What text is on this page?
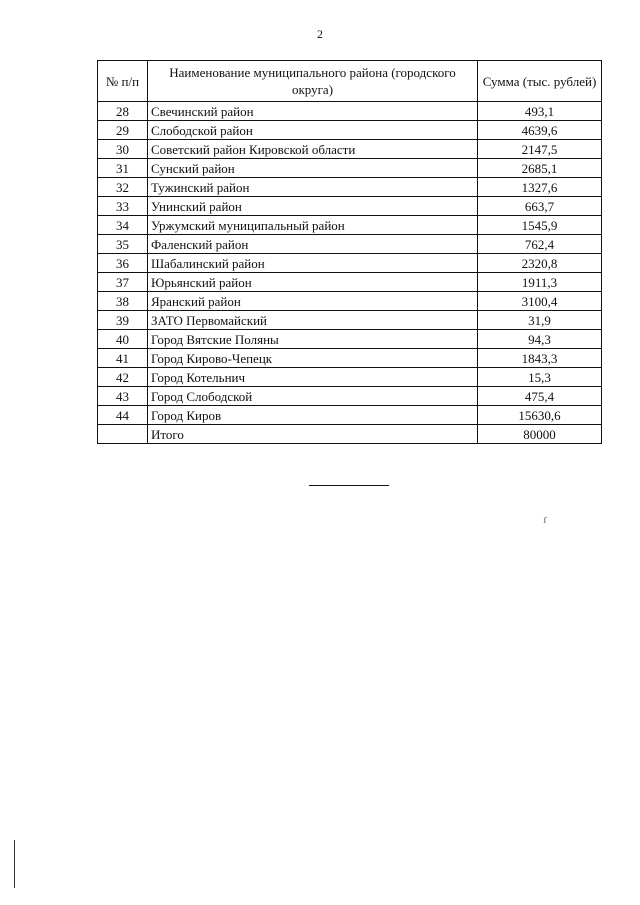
2
№ п/п	Наименование муниципального района (городского округа)	Сумма (тыс. рублей)
28	Свечинский район	493,1
29	Слободской район	4639,6
30	Советский район Кировской области	2147,5
31	Сунский район	2685,1
32	Тужинский район	1327,6
33	Унинский район	663,7
34	Уржумский муниципальный район	1545,9
35	Фаленский район	762,4
36	Шабалинский район	2320,8
37	Юрьянский район	1911,3
38	Яранский район	3100,4
39	ЗАТО Первомайский	31,9
40	Город Вятские Поляны	94,3
41	Город Кирово-Чепецк	1843,3
42	Город Котельнич	15,3
43	Город Слободской	475,4
44	Город Киров	15630,6
	Итого	80000
ґ
